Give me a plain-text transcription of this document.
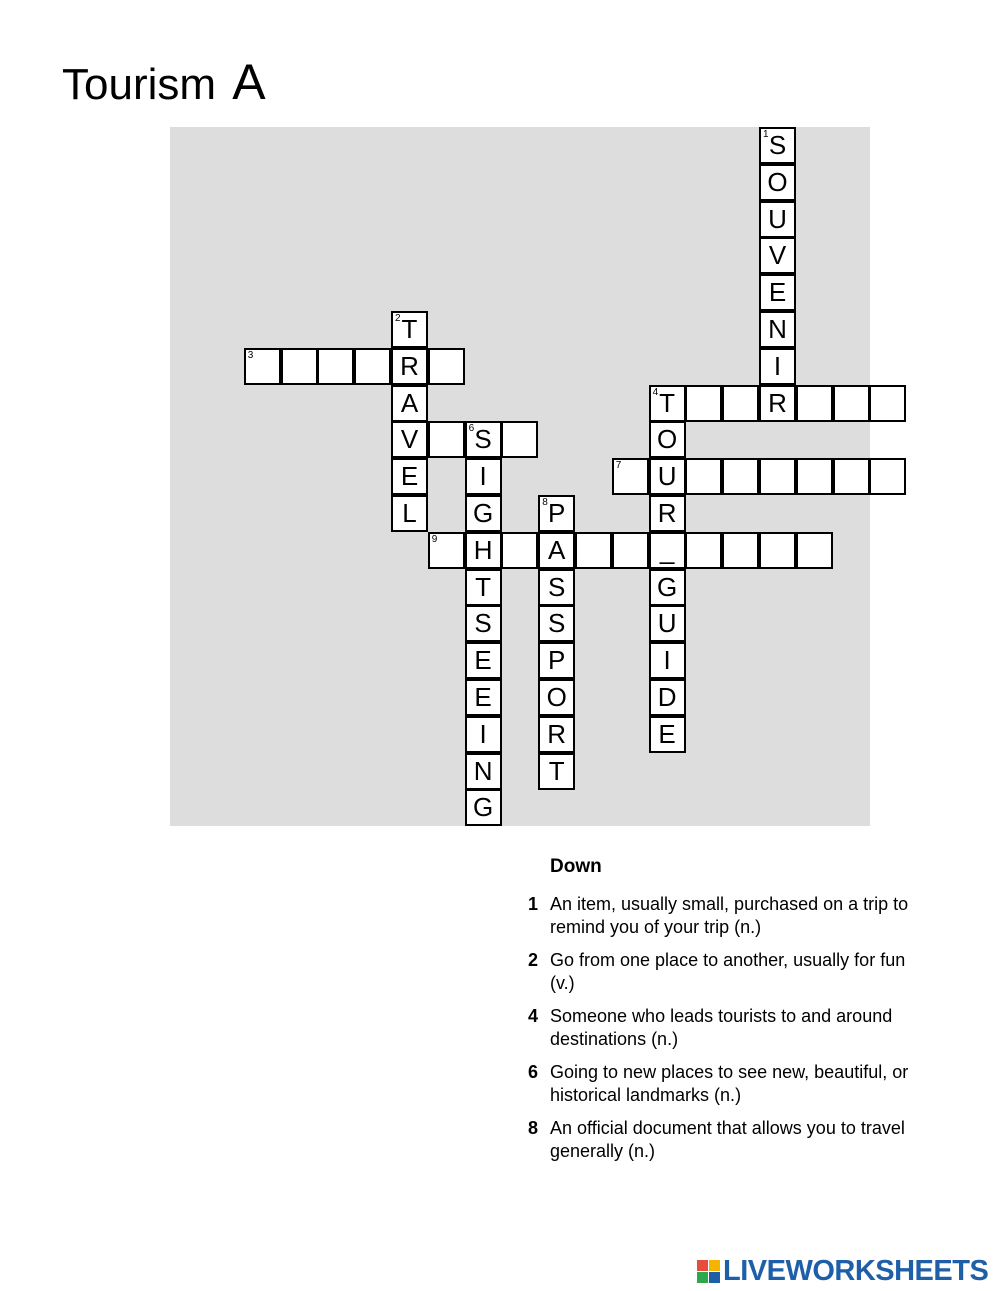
Tourism A
1
S
O
U
V
E
N
I
R
2
T
R
A
V
E
L
3
4
T
O
U
R
_
G
U
I
D
E
7
6
S
I
G
H
T
S
E
E
I
N
G
8
P
A
S
S
P
O
R
T
9
Down
1 An item, usually small, purchased on a trip to remind you of your trip (n.)
2 Go from one place to another, usually for fun (v.)
4 Someone who leads tourists to and around destinations (n.)
6 Going to new places to see new, beautiful, or historical landmarks (n.)
8 An official document that allows you to travel generally (n.)
LIVEWORKSHEETS
